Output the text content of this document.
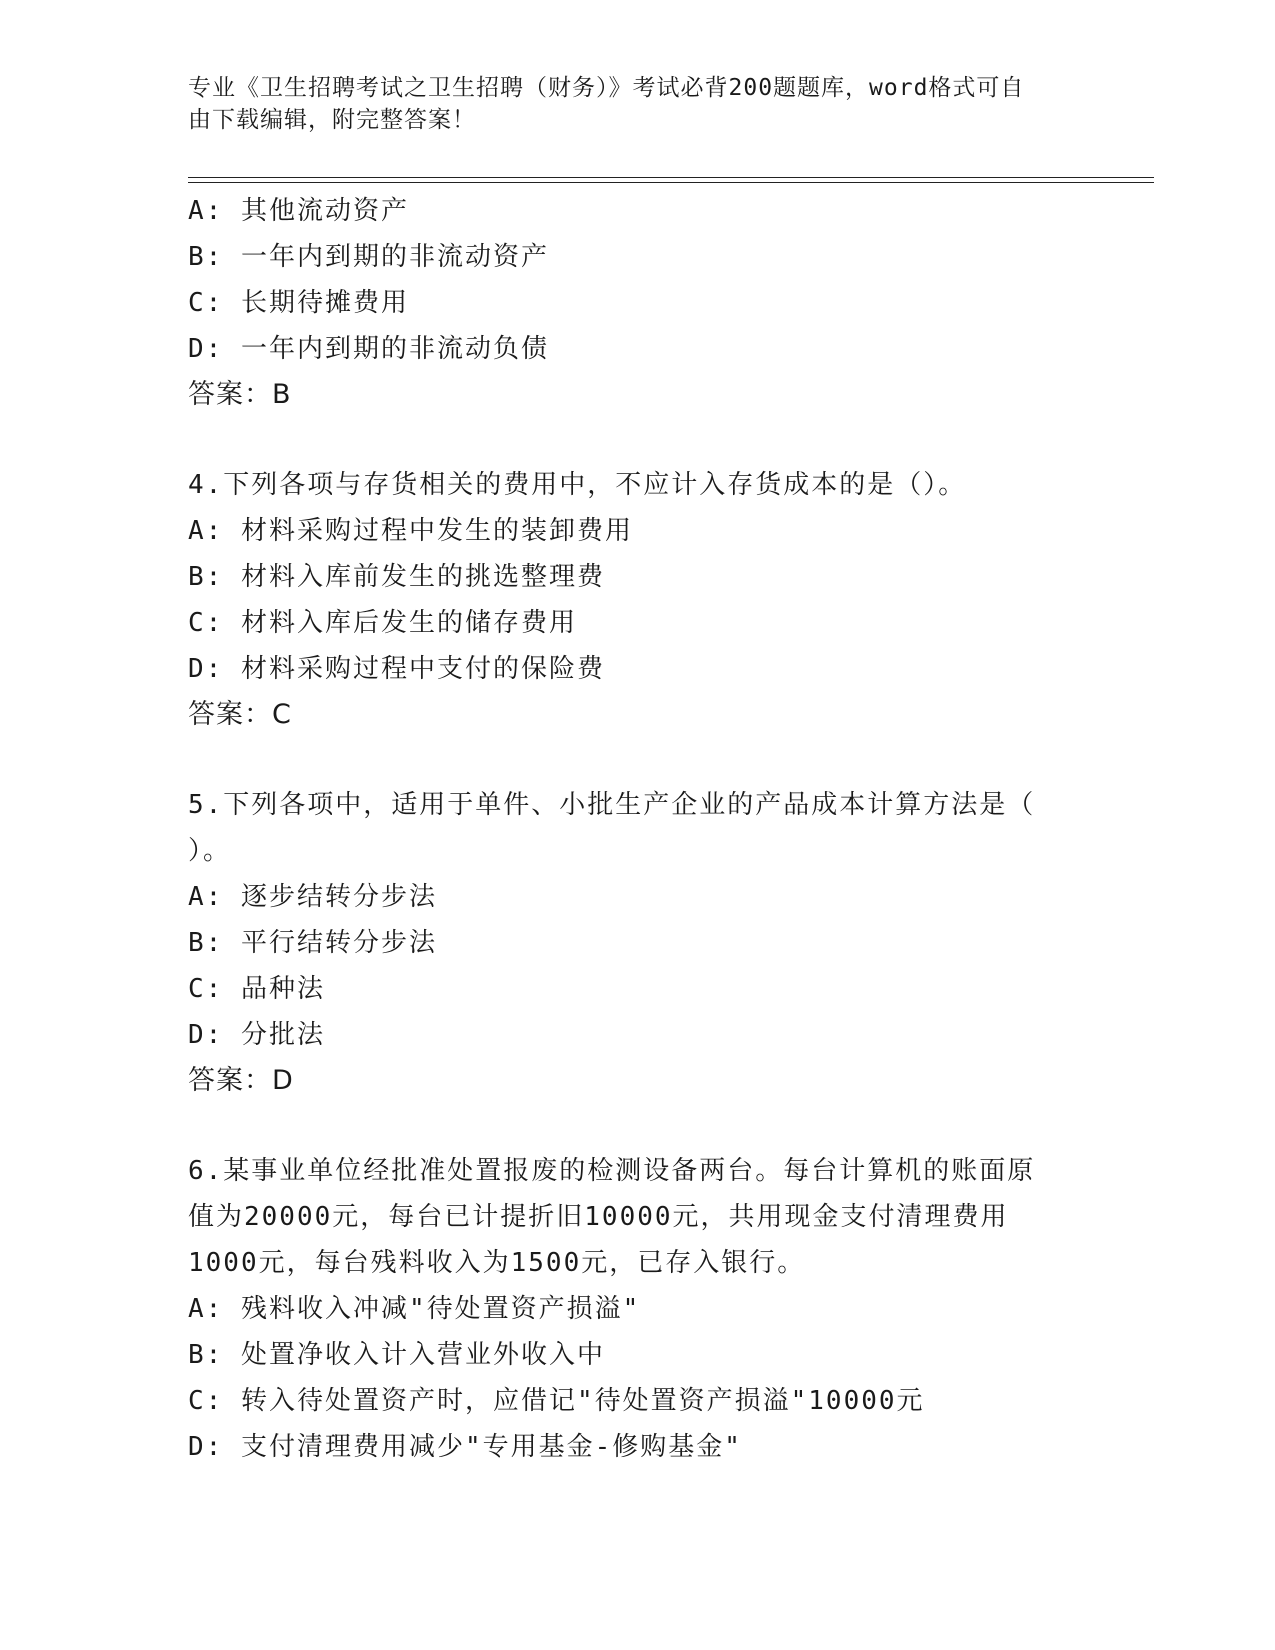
专业《卫生招聘考试之卫生招聘（财务）》考试必背200题题库，word格式可自
由下载编辑，附完整答案！
A: 其他流动资产
B: 一年内到期的非流动资产
C: 长期待摊费用
D: 一年内到期的非流动负债
答案：B
4.下列各项与存货相关的费用中，不应计入存货成本的是（）。
A: 材料采购过程中发生的装卸费用
B: 材料入库前发生的挑选整理费
C: 材料入库后发生的储存费用
D: 材料采购过程中支付的保险费
答案：C
5.下列各项中，适用于单件、小批生产企业的产品成本计算方法是（
）。
A: 逐步结转分步法
B: 平行结转分步法
C: 品种法
D: 分批法
答案：D
6.某事业单位经批准处置报废的检测设备两台。每台计算机的账面原
值为20000元，每台已计提折旧10000元，共用现金支付清理费用
1000元，每台残料收入为1500元，已存入银行。
A: 残料收入冲减"待处置资产损溢"
B: 处置净收入计入营业外收入中
C: 转入待处置资产时，应借记"待处置资产损溢"10000元
D: 支付清理费用减少"专用基金-修购基金"
